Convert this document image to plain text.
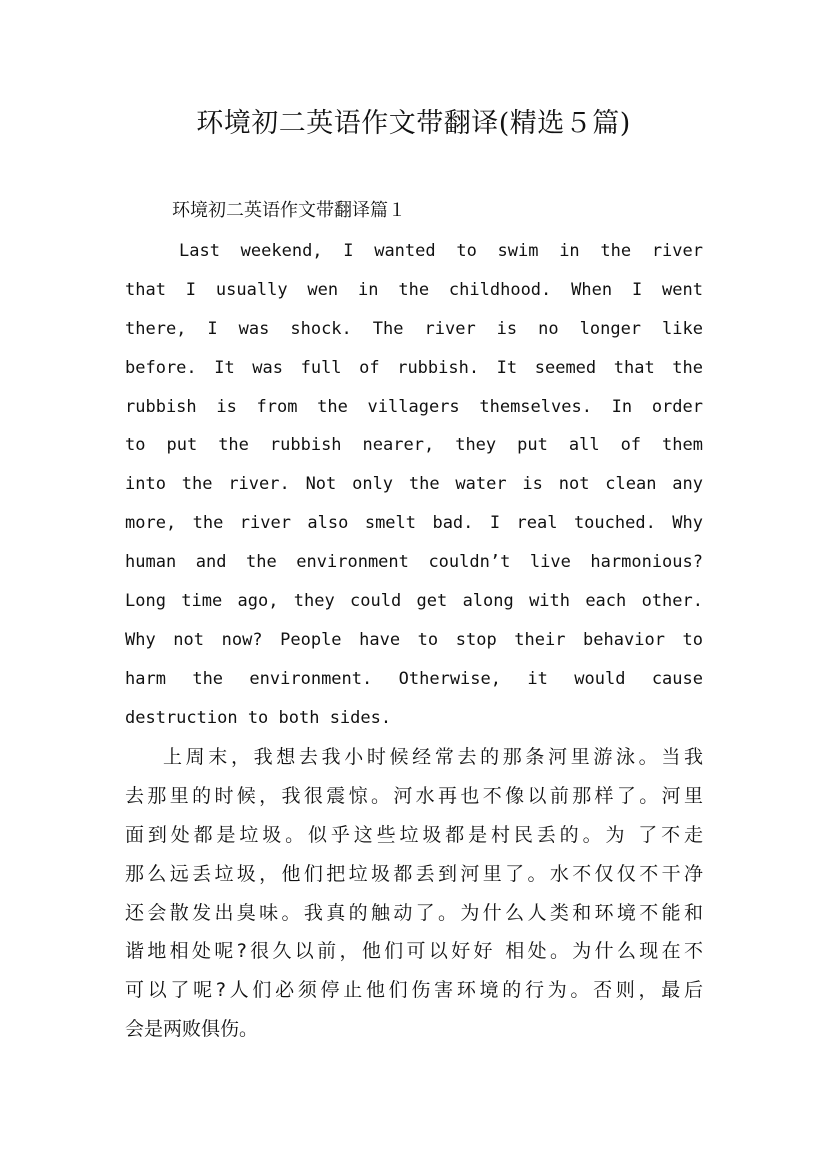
环境初二英语作文带翻译(精选５篇)
环境初二英语作文带翻译篇１
Last weekend, I wanted to swim in the river
that I usually wen in the childhood. When I went
there, I was shock. The river is no longer like
before. It was full of rubbish. It seemed that the
rubbish is from the villagers themselves. In order
to put the rubbish nearer, they put all of them
into the river. Not only the water is not clean any
more, the river also smelt bad. I real touched. Why
human and the environment couldn’t live harmonious?
Long time ago, they could get along with each other.
Why not now? People have to stop their behavior to
harm the environment. Otherwise, it would cause
destruction to both sides.
上周末，我想去我小时候经常去的那条河里游泳。当我
去那里的时候，我很震惊。河水再也不像以前那样了。河里
面到处都是垃圾。似乎这些垃圾都是村民丢的。为 了不走
那么远丢垃圾，他们把垃圾都丢到河里了。水不仅仅不干净
还会散发出臭味。我真的触动了。为什么人类和环境不能和
谐地相处呢?很久以前，他们可以好好 相处。为什么现在不
可以了呢?人们必须停止他们伤害环境的行为。否则，最后
会是两败俱伤。
